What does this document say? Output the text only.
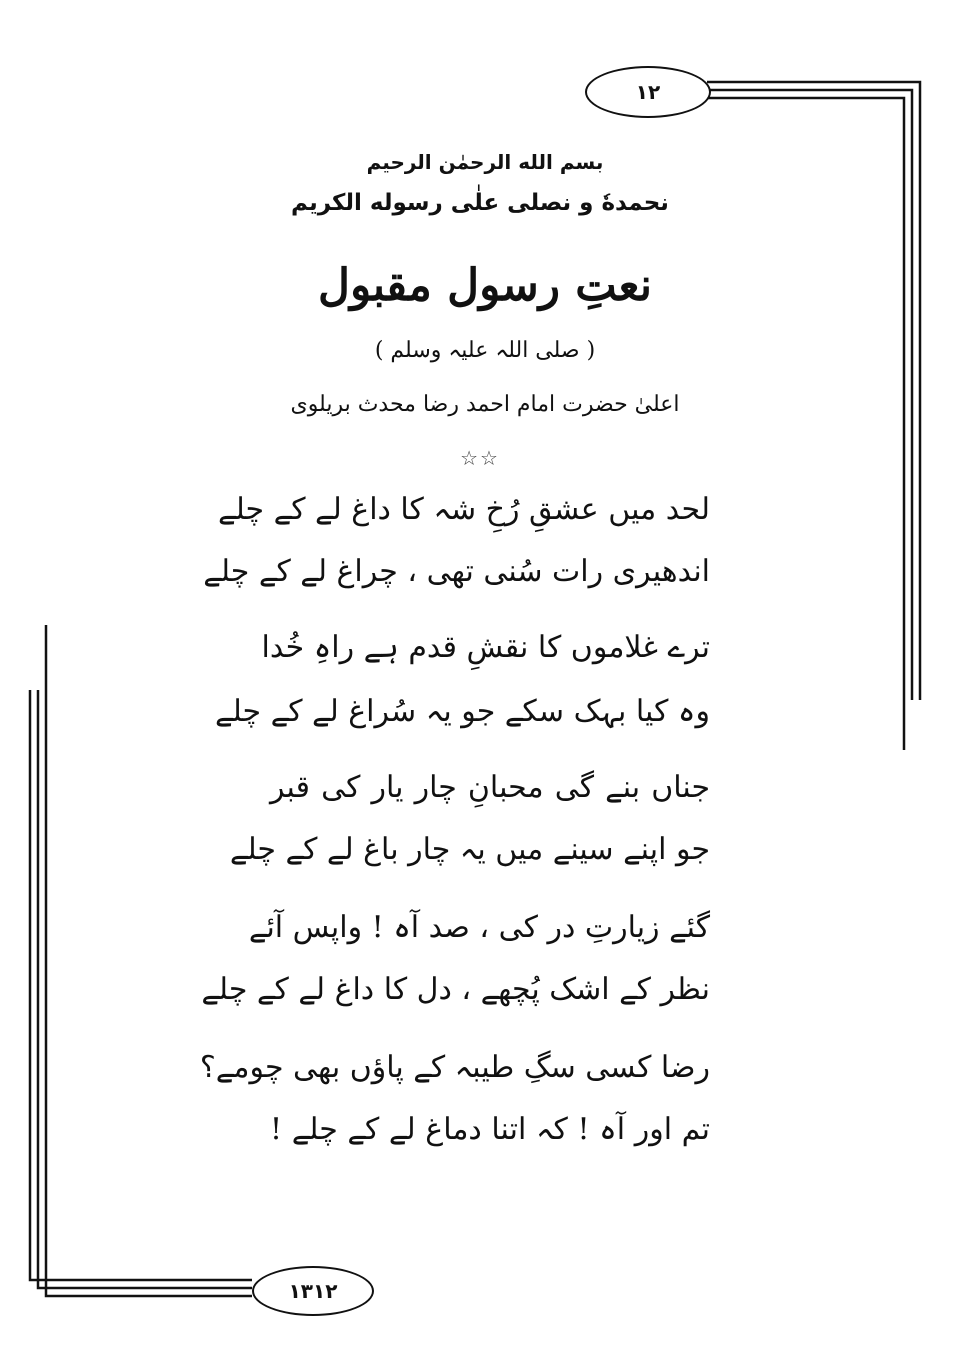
۱۲
۱۳۱۲
بسم الله الرحمٰن الرحيم
نحمدهٗ و نصلی علٰی رسوله الكريم
نعتِ رسول مقبول
( صلی اللہ علیہ وسلم )
اعلیٰ حضرت امام احمد رضا محدث بریلوی
☆☆
لحد میں عشقِ رُخِ شہ کا داغ لے کے چلے
اندھیری رات سُنی تھی ، چراغ لے کے چلے
ترے غلاموں کا نقشِ قدم ہے راہِ خُدا
وہ کیا بہک سکے جو یہ سُراغ لے کے چلے
جناں بنے گی محبانِ چار یار کی قبر
جو اپنے سینے میں یہ چار باغ لے کے چلے
گئے زیارتِ در کی ، صد آہ ! واپس آئے
نظر کے اشک پُچھے ، دل کا داغ لے کے چلے
رضا کسی سگِ طیبہ کے پاؤں بھی چومے؟
تم اور آہ ! کہ اتنا دماغ لے کے چلے !
